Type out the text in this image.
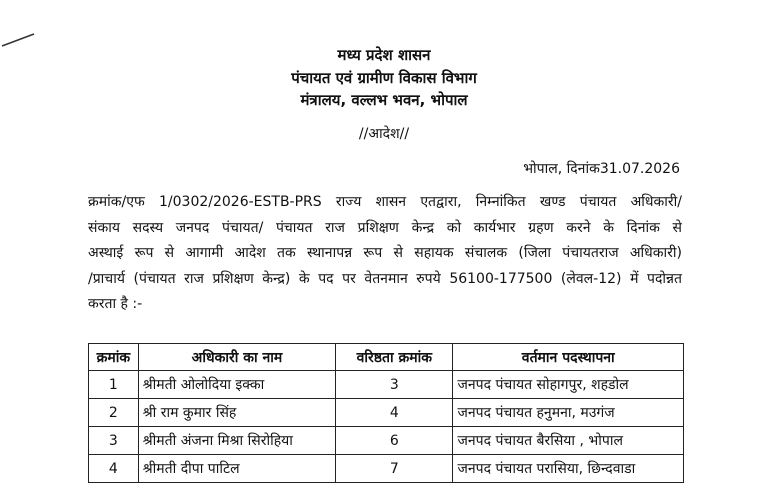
मध्य प्रदेश शासन
पंचायत एवं ग्रामीण विकास विभाग
मंत्रालय, वल्लभ भवन, भोपाल
//आदेश//
भोपाल, दिनांक31.07.2026
क्रमांक/एफ 1/0302/2026-ESTB-PRS राज्य शासन एतद्वारा, निम्नांकित खण्ड पंचायत अधिकारी/
संकाय सदस्य जनपद पंचायत/ पंचायत राज प्रशिक्षण केन्द्र को कार्यभार ग्रहण करने के दिनांक से
अस्थाई रूप से आगामी आदेश तक स्थानापन्न रूप से सहायक संचालक (जिला पंचायतराज अधिकारी)
/प्राचार्य (पंचायत राज प्रशिक्षण केन्द्र) के पद पर वेतनमान रुपये 56100-177500 (लेवल-12) में पदोन्नत
करता है :-
क्रमांक	अधिकारी का नाम	वरिष्ठता क्रमांक	वर्तमान पदस्थापना
1	श्रीमती ओलोदिया इक्का	3	जनपद पंचायत सोहागपुर, शहडोल
2	श्री राम कुमार सिंह	4	जनपद पंचायत हनुमना, मउगंज
3	श्रीमती अंजना मिश्रा सिरोहिया	6	जनपद पंचायत बैरसिया , भोपाल
4	श्रीमती दीपा पाटिल	7	जनपद पंचायत परासिया, छिन्दवाडा
